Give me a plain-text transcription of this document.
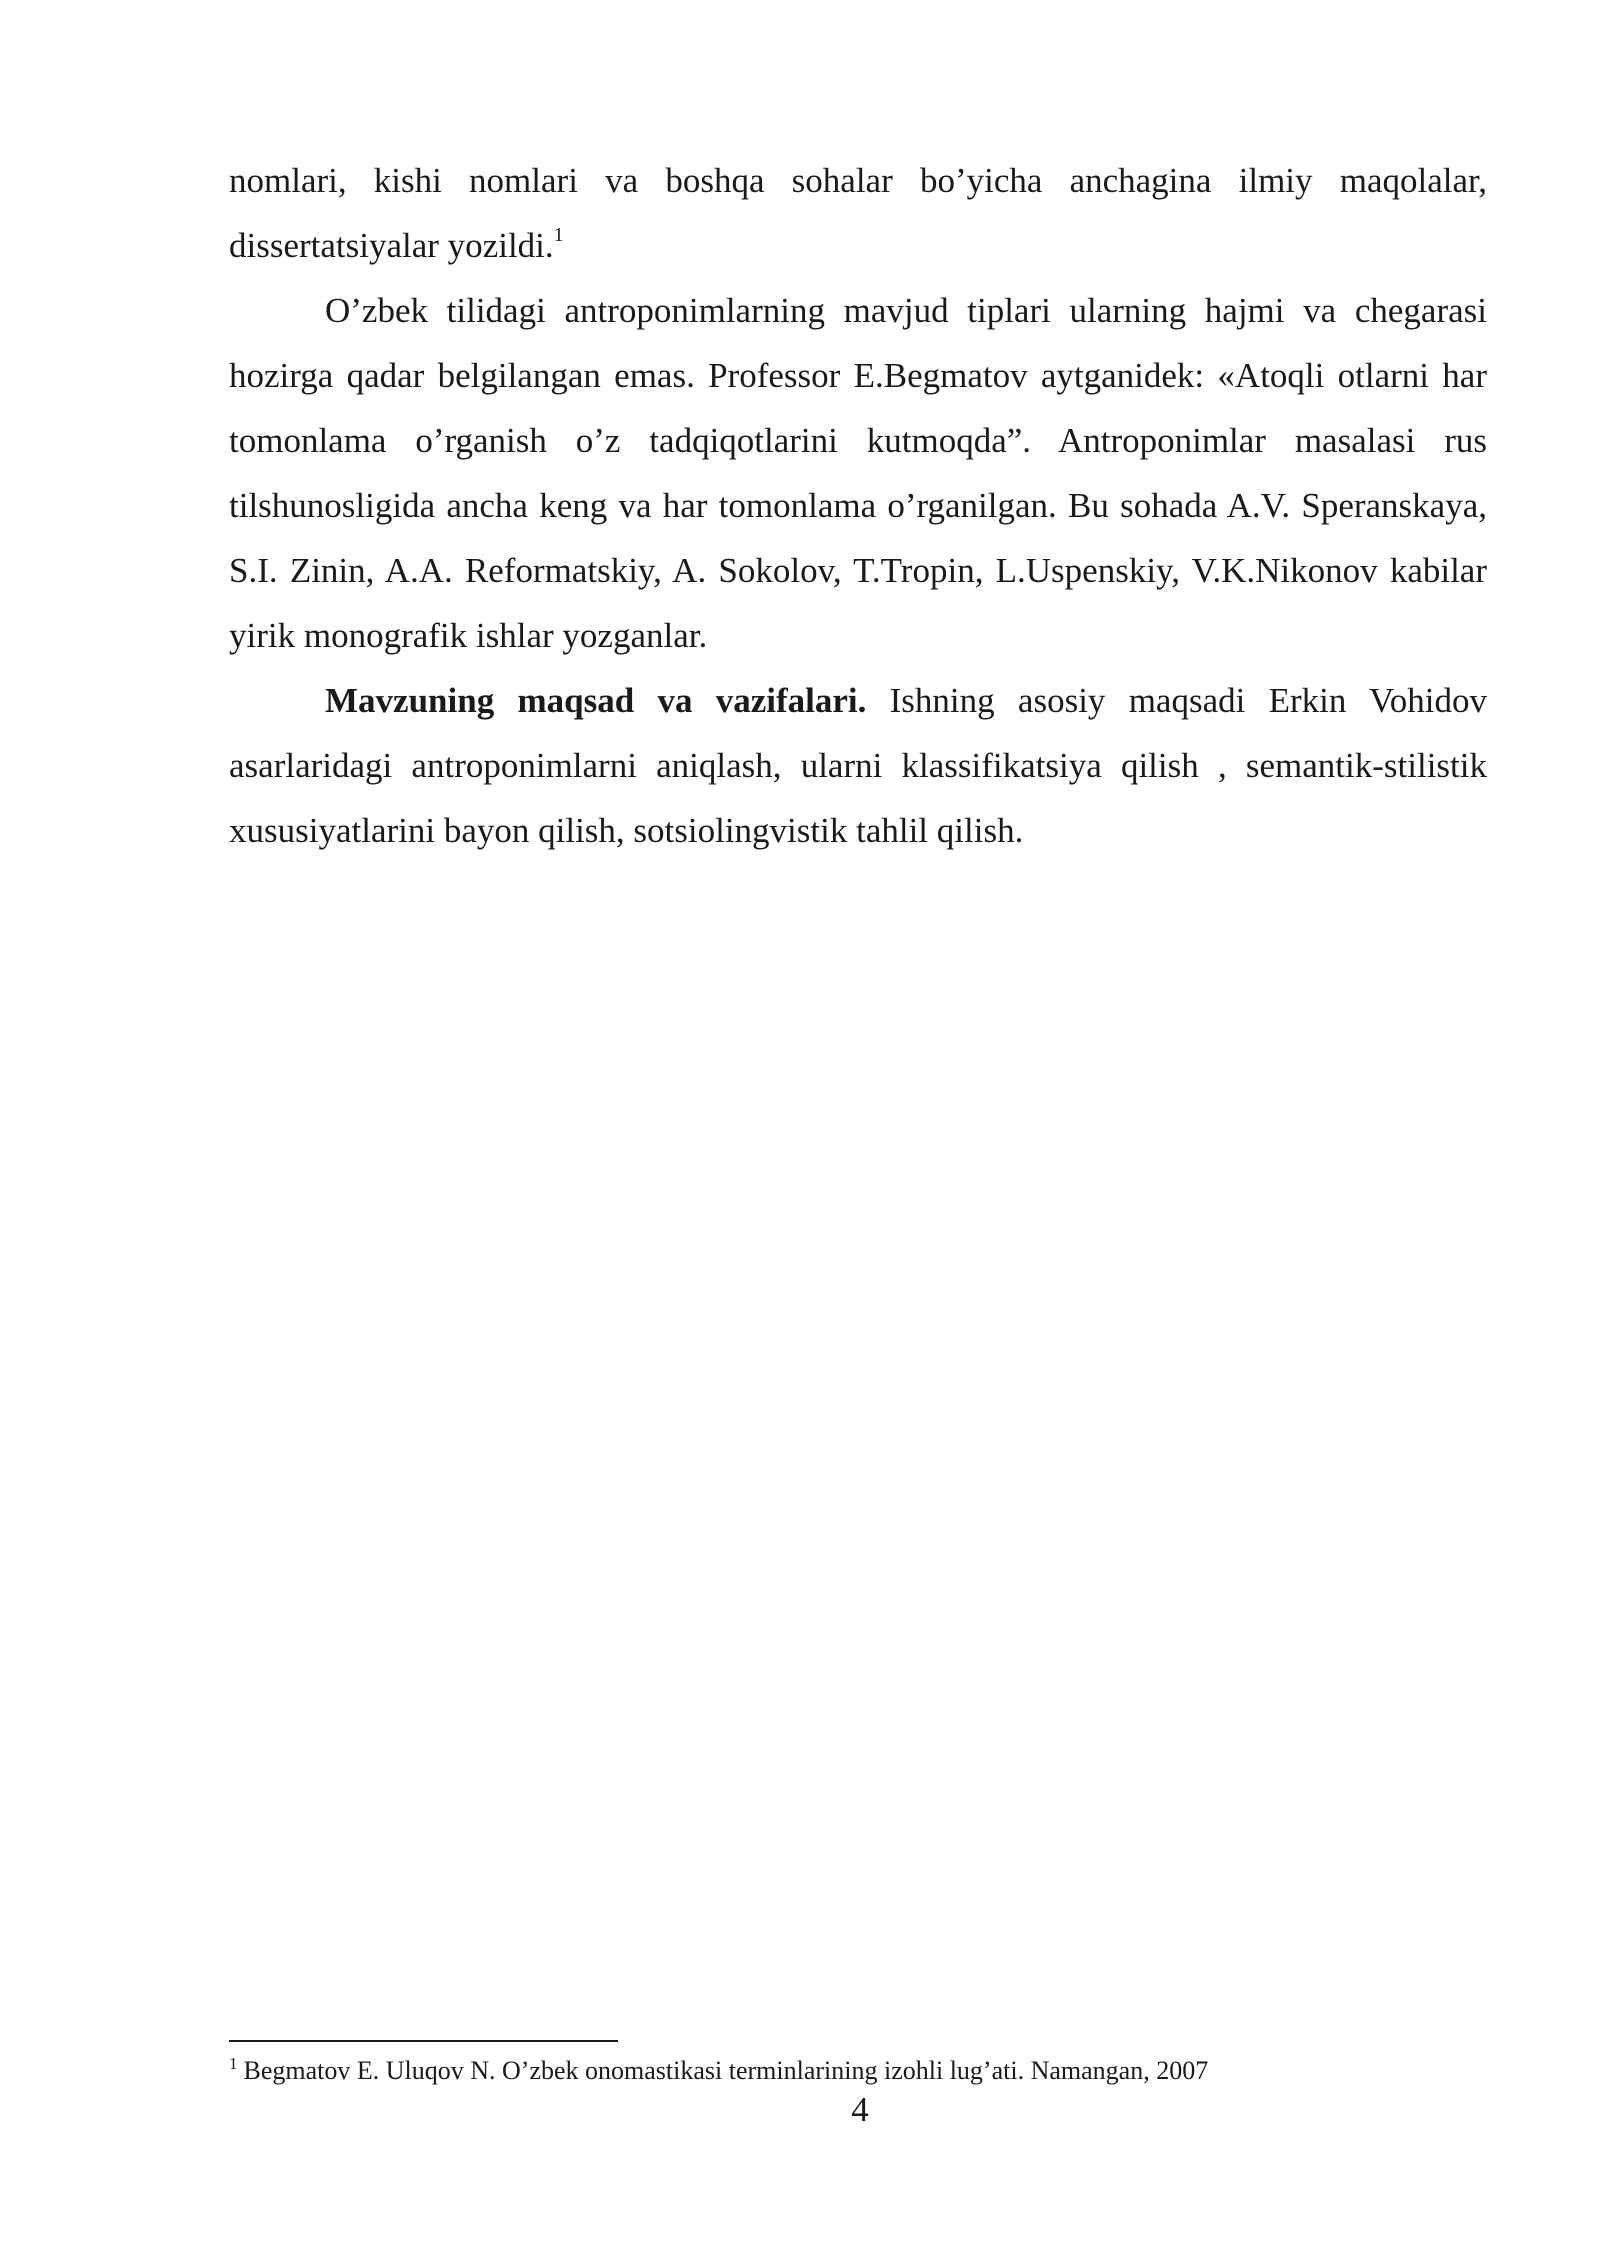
nomlari, kishi nomlari va boshqa sohalar bo’yicha anchagina ilmiy maqolalar, dissertatsiyalar yozildi.$^1$

O’zbek tilidagi antroponimlarning mavjud tiplari ularning hajmi va chegarasi hozirga qadar belgilangan emas. Professor E.Begmatov aytganidek: «Atoqli otlarni har tomonlama o’rganish o’z tadqiqotlarini kutmoqda”. Antroponimlar masalasi rus tilshunosligida ancha keng va har tomonlama o’rganilgan. Bu sohada A.V. Speranskaya, S.I. Zinin, A.A. Reformatskiy, A. Sokolov, T.Tropin, L.Uspenskiy, V.K.Nikonov kabilar yirik monografik ishlar yozganlar.

Mavzuning maqsad va vazifalari. Ishning asosiy maqsadi Erkin Vohidov asarlaridagi antroponimlarni aniqlash, ularni klassifikatsiya qilish , semantik-stilistik xususiyatlarini bayon qilish, sotsiolingvistik tahlil qilish.

$^1$ Begmatov E. Uluqov N. O’zbek onomastikasi terminlarining izohli lug’ati. Namangan, 2007
4
